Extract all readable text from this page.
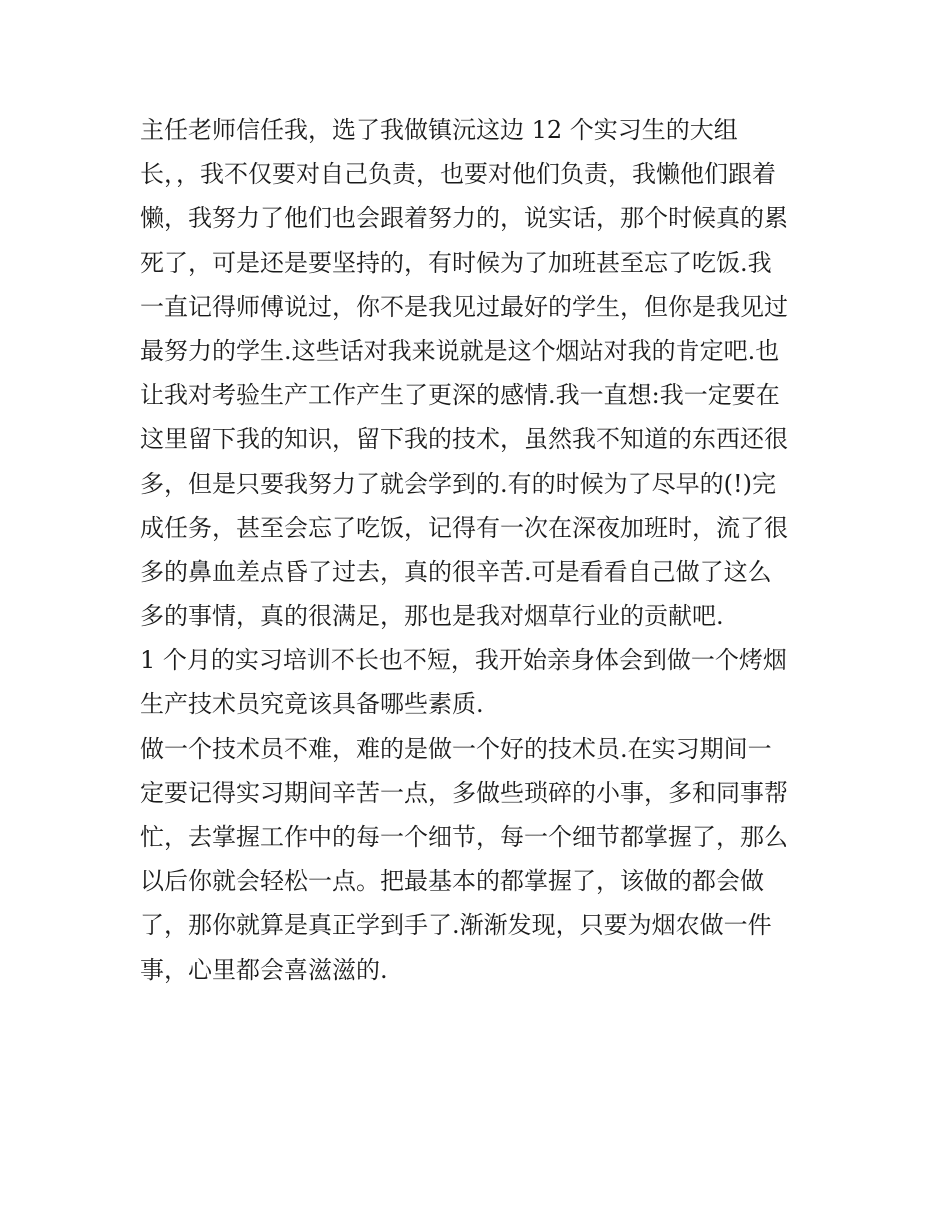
主任老师信任我，选了我做镇沅这边 12 个实习生的大组
长，，我不仅要对自己负责，也要对他们负责，我懒他们跟着
懒，我努力了他们也会跟着努力的，说实话，那个时候真的累
死了，可是还是要坚持的，有时候为了加班甚至忘了吃饭.我
一直记得师傅说过，你不是我见过最好的学生，但你是我见过
最努力的学生.这些话对我来说就是这个烟站对我的肯定吧.也
让我对考验生产工作产生了更深的感情.我一直想:我一定要在
这里留下我的知识，留下我的技术，虽然我不知道的东西还很
多，但是只要我努力了就会学到的.有的时候为了尽早的(!)完
成任务，甚至会忘了吃饭，记得有一次在深夜加班时，流了很
多的鼻血差点昏了过去，真的很辛苦.可是看看自己做了这么
多的事情，真的很满足，那也是我对烟草行业的贡献吧.
1 个月的实习培训不长也不短，我开始亲身体会到做一个烤烟
生产技术员究竟该具备哪些素质.
做一个技术员不难，难的是做一个好的技术员.在实习期间一
定要记得实习期间辛苦一点，多做些琐碎的小事，多和同事帮
忙，去掌握工作中的每一个细节，每一个细节都掌握了，那么
以后你就会轻松一点。把最基本的都掌握了，该做的都会做
了，那你就算是真正学到手了.渐渐发现，只要为烟农做一件
事，心里都会喜滋滋的.
